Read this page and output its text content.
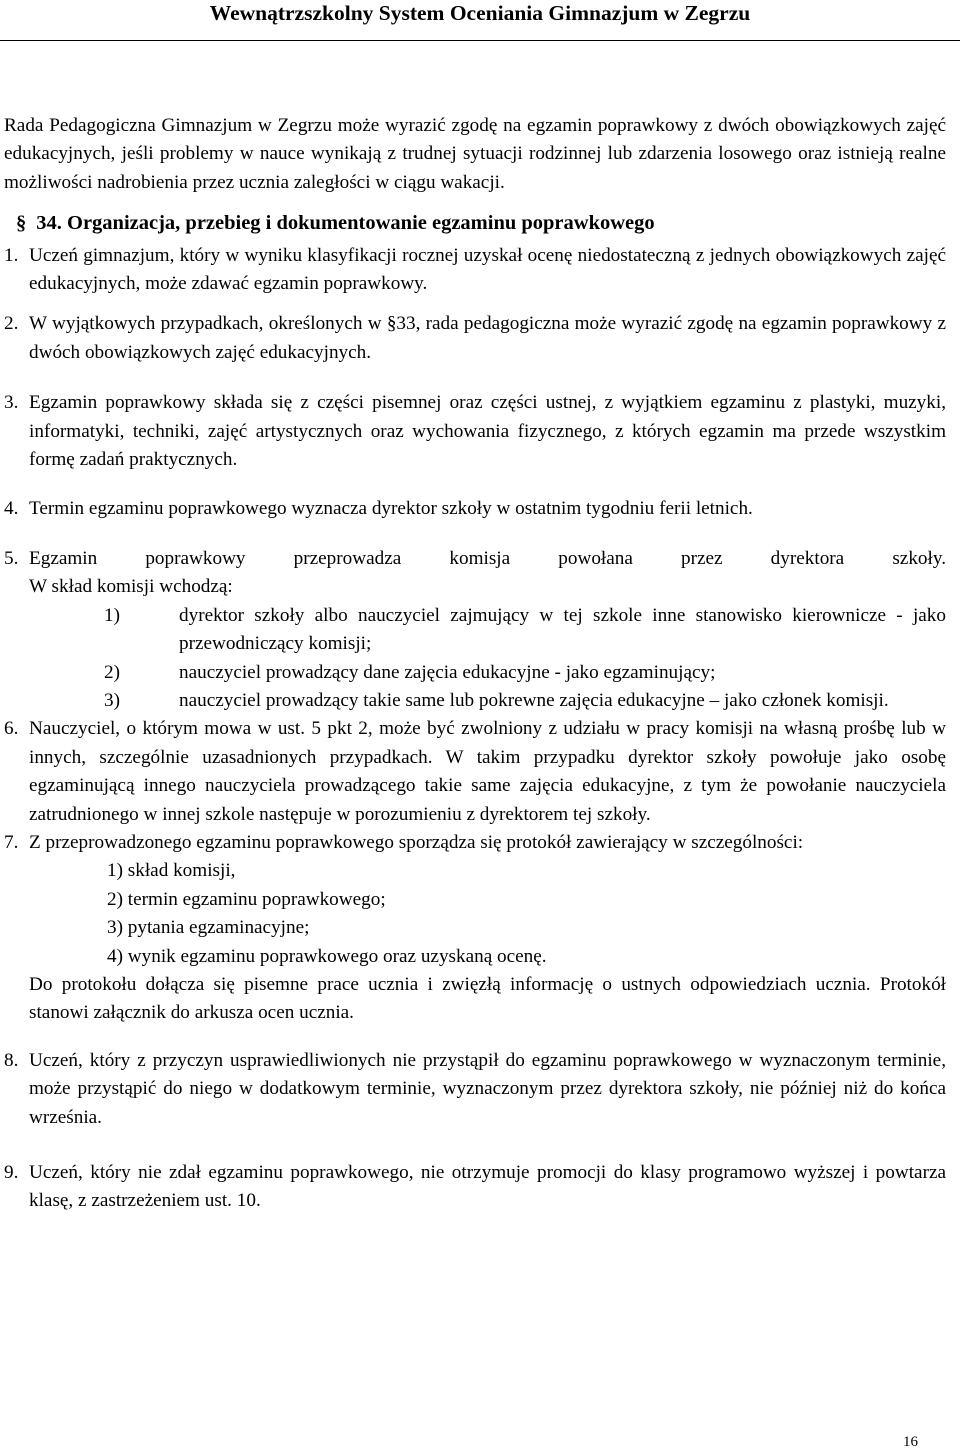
Wewnątrzszkolny System Oceniania Gimnazjum w Zegrzu

Rada Pedagogiczna Gimnazjum w Zegrzu może wyrazić zgodę na egzamin poprawkowy z dwóch obowiązkowych zajęć edukacyjnych, jeśli problemy w nauce wynikają z trudnej sytuacji rodzinnej lub zdarzenia losowego oraz istnieją realne możliwości nadrobienia przez ucznia zaległości w ciągu wakacji.

§ 34. Organizacja, przebieg i dokumentowanie egzaminu poprawkowego

1. Uczeń gimnazjum, który w wyniku klasyfikacji rocznej uzyskał ocenę niedostateczną z jednych obowiązkowych zajęć edukacyjnych, może zdawać egzamin poprawkowy.

2. W wyjątkowych przypadkach, określonych w §33, rada pedagogiczna może wyrazić zgodę na egzamin poprawkowy z dwóch obowiązkowych zajęć edukacyjnych.

3. Egzamin poprawkowy składa się z części pisemnej oraz części ustnej, z wyjątkiem egzaminu z plastyki, muzyki, informatyki, techniki, zajęć artystycznych oraz wychowania fizycznego, z których egzamin ma przede wszystkim formę zadań praktycznych.

4. Termin egzaminu poprawkowego wyznacza dyrektor szkoły w ostatnim tygodniu ferii letnich.

5. Egzamin poprawkowy przeprowadza komisja powołana przez dyrektora szkoły.

W skład komisji wchodzą:

1)	dyrektor szkoły albo nauczyciel zajmujący w tej szkole inne stanowisko kierownicze - jako przewodniczący komisji;

2)	nauczyciel prowadzący dane zajęcia edukacyjne - jako egzaminujący;

3)	nauczyciel prowadzący takie same lub pokrewne zajęcia edukacyjne – jako członek komisji.

6. Nauczyciel, o którym mowa w ust. 5 pkt 2, może być zwolniony z udziału w pracy komisji na własną prośbę lub w innych, szczególnie uzasadnionych przypadkach. W takim przypadku dyrektor szkoły powołuje jako osobę egzaminującą innego nauczyciela prowadzącego takie same zajęcia edukacyjne, z tym że powołanie nauczyciela zatrudnionego w innej szkole następuje w porozumieniu z dyrektorem tej szkoły.

7. Z przeprowadzonego egzaminu poprawkowego sporządza się protokół zawierający w szczególności:

1) skład komisji,

2) termin egzaminu poprawkowego;

3) pytania egzaminacyjne;

4) wynik egzaminu poprawkowego oraz uzyskaną ocenę.

Do protokołu dołącza się pisemne prace ucznia i zwięzłą informację o ustnych odpowiedziach ucznia. Protokół stanowi załącznik do arkusza ocen ucznia.

8. Uczeń, który z przyczyn usprawiedliwionych nie przystąpił do egzaminu poprawkowego w wyznaczonym terminie, może przystąpić do niego w dodatkowym terminie, wyznaczonym przez dyrektora szkoły, nie później niż do końca września.

9. Uczeń, który nie zdał egzaminu poprawkowego, nie otrzymuje promocji do klasy programowo wyższej i powtarza klasę, z zastrzeżeniem ust. 10.

16
